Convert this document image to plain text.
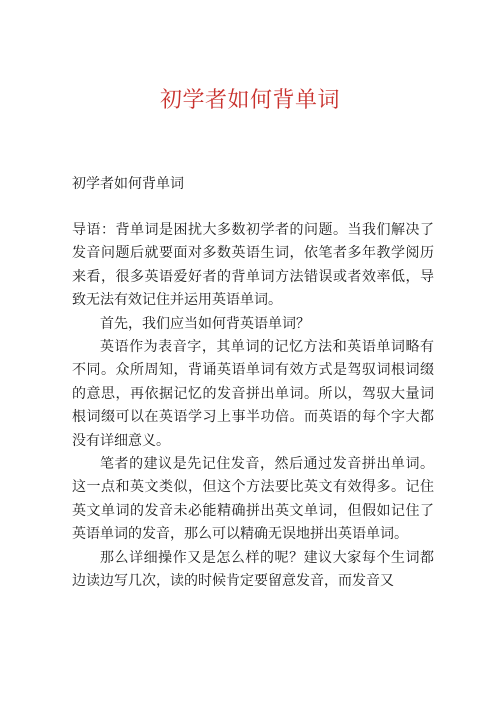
初学者如何背单词
初学者如何背单词

导语：背单词是困扰大多数初学者的问题。当我们解决了发音问题后就要面对多数英语生词，依笔者多年教学阅历来看，很多英语爱好者的背单词方法错误或者效率低，导致无法有效记住并运用英语单词。

首先，我们应当如何背英语单词？

英语作为表音字，其单词的记忆方法和英语单词略有不同。众所周知，背诵英语单词有效方式是驾驭词根词缀的意思，再依据记忆的发音拼出单词。所以，驾驭大量词根词缀可以在英语学习上事半功倍。而英语的每个字大都没有详细意义。

笔者的建议是先记住发音，然后通过发音拼出单词。这一点和英文类似，但这个方法要比英文有效得多。记住英文单词的发音未必能精确拼出英文单词，但假如记住了英语单词的发音，那么可以精确无误地拼出英语单词。

那么详细操作又是怎么样的呢？建议大家每个生词都边读边写几次，读的时候肯定要留意发音，而发音又
